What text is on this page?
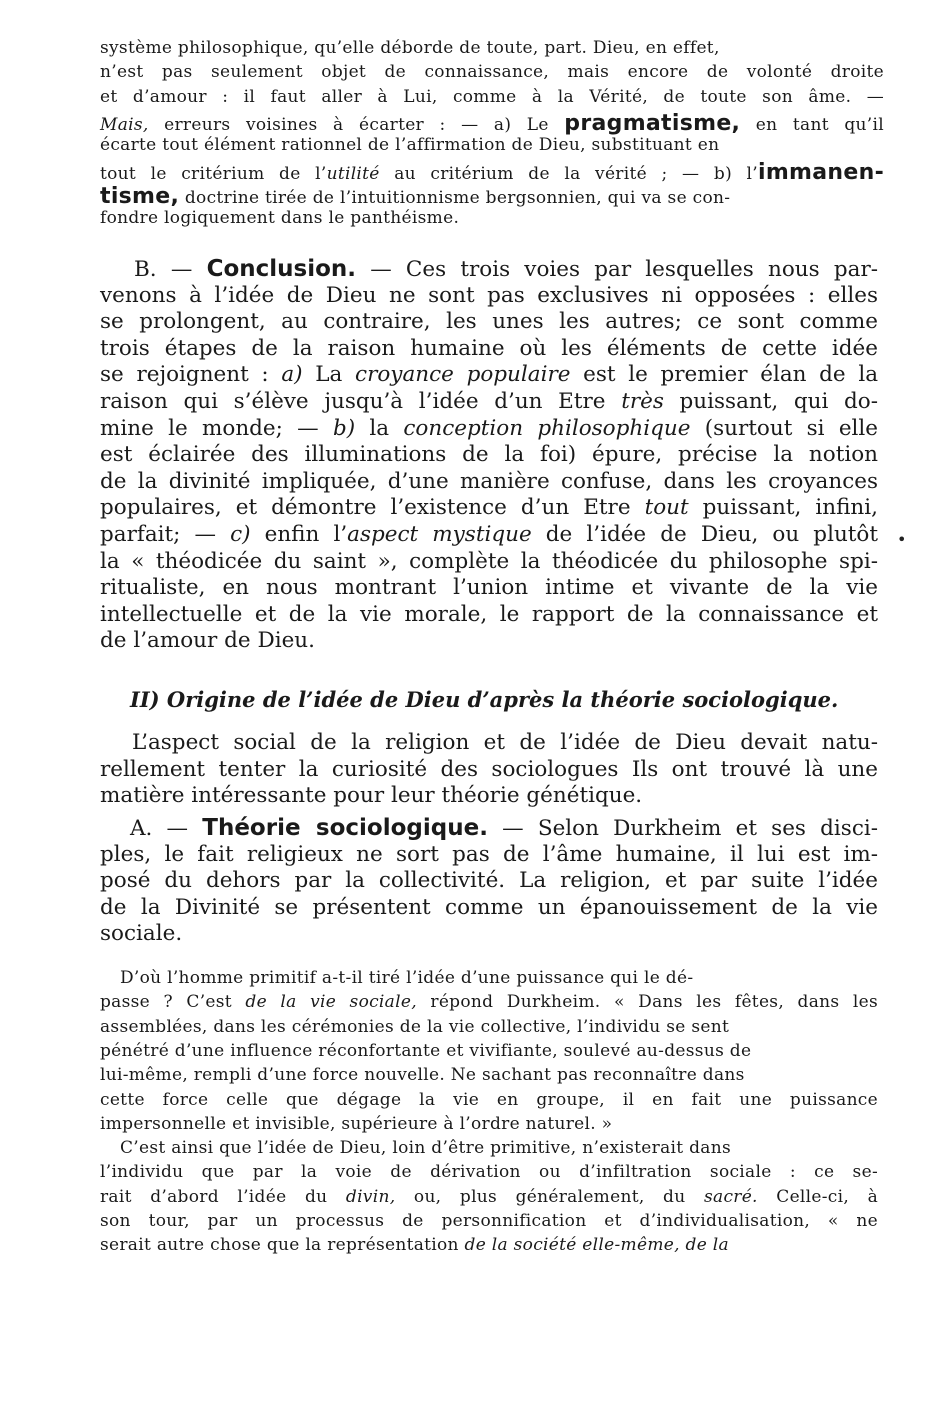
système philosophique, qu’elle déborde de toute, part. Dieu, en effet,
n’est pas seulement objet de connaissance, mais encore de volonté droite
et d’amour : il faut aller à Lui, comme à la Vérité, de toute son âme. —
Mais, erreurs voisines à écarter : — a) Le pragmatisme, en tant qu’il
écarte tout élément rationnel de l’affirmation de Dieu, substituant en
tout le critérium de l’utilité au critérium de la vérité ; — b) l’immanen-
tisme, doctrine tirée de l’intuitionnisme bergsonnien, qui va se con-
fondre logiquement dans le panthéisme.
B. — Conclusion. — Ces trois voies par lesquelles nous par-
venons à l’idée de Dieu ne sont pas exclusives ni opposées : elles
se prolongent, au contraire, les unes les autres; ce sont comme
trois étapes de la raison humaine où les éléments de cette idée
se rejoignent : a) La croyance populaire est le premier élan de la
raison qui s’élève jusqu’à l’idée d’un Etre très puissant, qui do-
mine le monde; — b) la conception philosophique (surtout si elle
est éclairée des illuminations de la foi) épure, précise la notion
de la divinité impliquée, d’une manière confuse, dans les croyances
populaires, et démontre l’existence d’un Etre tout puissant, infini,
parfait; — c) enfin l’aspect mystique de l’idée de Dieu, ou plutôt
la « théodicée du saint », complète la théodicée du philosophe spi-
ritualiste, en nous montrant l’union intime et vivante de la vie
intellectuelle et de la vie morale, le rapport de la connaissance et
de l’amour de Dieu.
II) Origine de l’idée de Dieu d’après la théorie sociologique.
L’aspect social de la religion et de l’idée de Dieu devait natu-
rellement tenter la curiosité des sociologues Ils ont trouvé là une
matière intéressante pour leur théorie génétique.
A. — Théorie sociologique. — Selon Durkheim et ses disci-
ples, le fait religieux ne sort pas de l’âme humaine, il lui est im-
posé du dehors par la collectivité. La religion, et par suite l’idée
de la Divinité se présentent comme un épanouissement de la vie
sociale.
D’où l’homme primitif a-t-il tiré l’idée d’une puissance qui le dé-
passe ? C’est de la vie sociale, répond Durkheim. « Dans les fêtes, dans les
assemblées, dans les cérémonies de la vie collective, l’individu se sent
pénétré d’une influence réconfortante et vivifiante, soulevé au-dessus de
lui-même, rempli d’une force nouvelle. Ne sachant pas reconnaître dans
cette force celle que dégage la vie en groupe, il en fait une puissance
impersonnelle et invisible, supérieure à l’ordre naturel. »
C’est ainsi que l’idée de Dieu, loin d’être primitive, n’existerait dans
l’individu que par la voie de dérivation ou d’infiltration sociale : ce se-
rait d’abord l’idée du divin, ou, plus généralement, du sacré. Celle-ci, à
son tour, par un processus de personnification et d’individualisation, « ne
serait autre chose que la représentation de la société elle-même, de la
•
